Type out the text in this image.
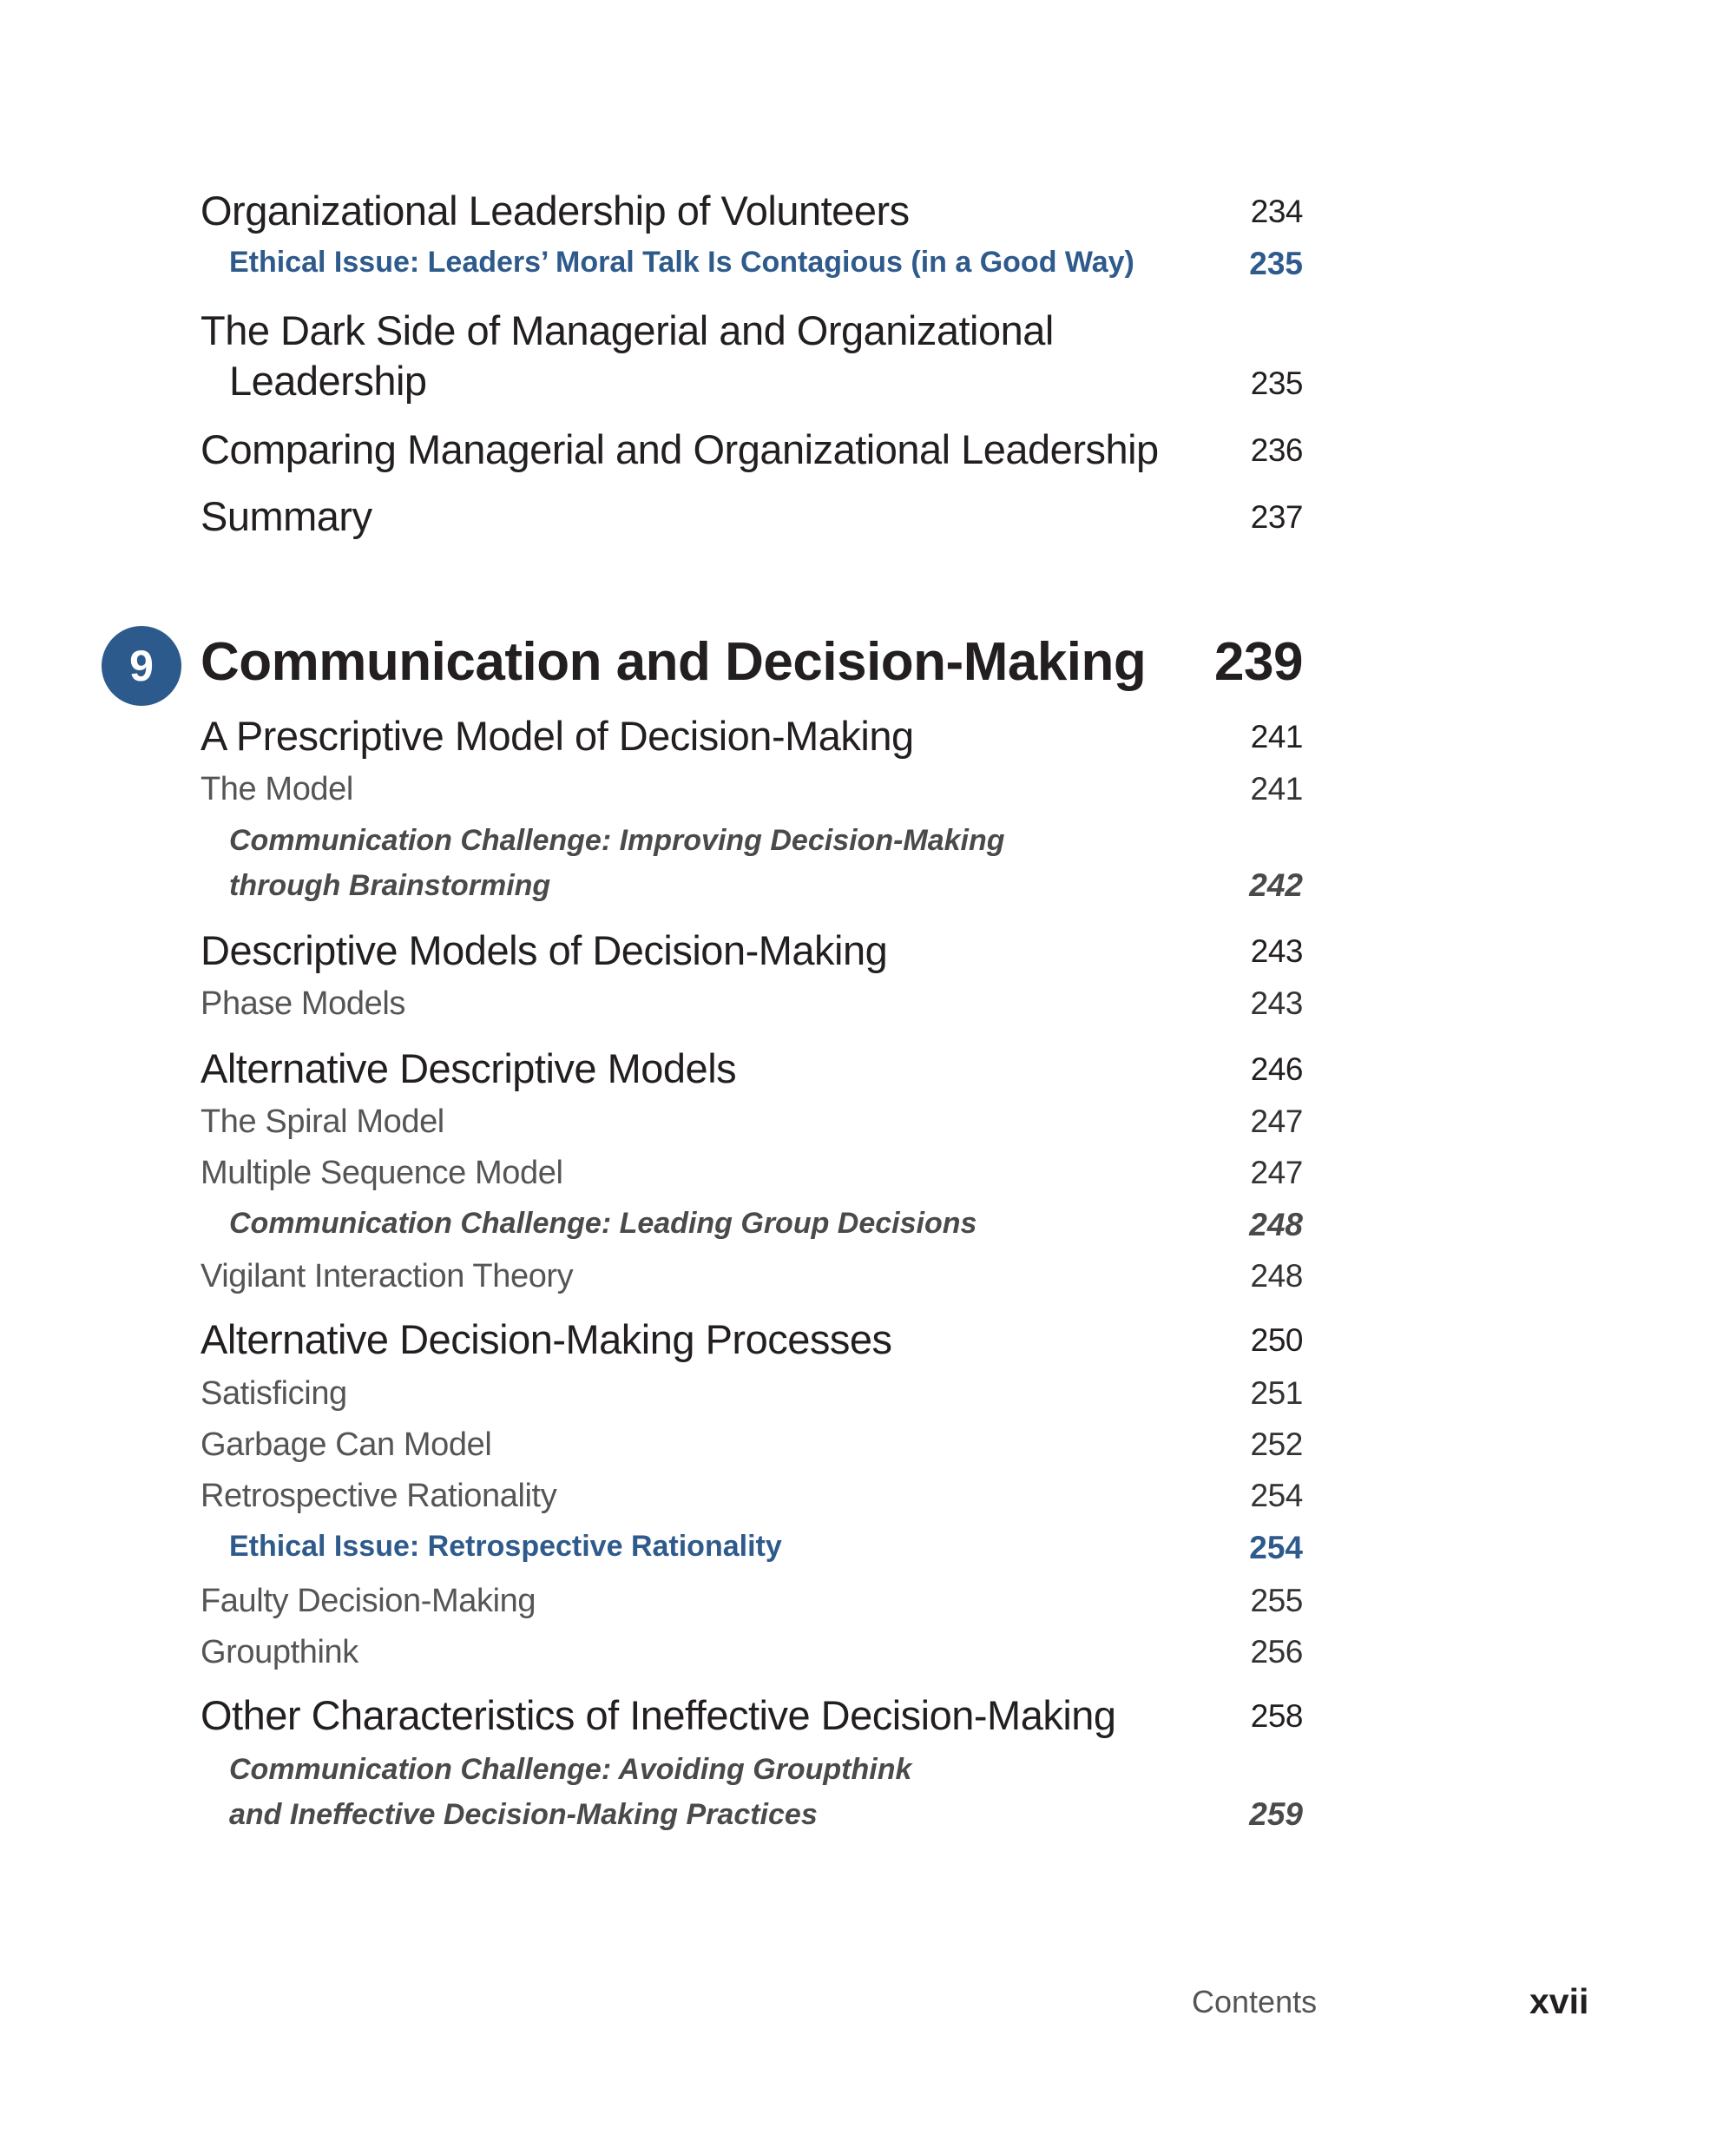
Organizational Leadership of Volunteers	234
Ethical Issue: Leaders’ Moral Talk Is Contagious (in a Good Way)	235
The Dark Side of Managerial and Organizational
Leadership	235
Comparing Managerial and Organizational Leadership	236
Summary	237
9 Communication and Decision-Making 239
A Prescriptive Model of Decision-Making	241
The Model	241
Communication Challenge: Improving Decision-Making
through Brainstorming	242
Descriptive Models of Decision-Making	243
Phase Models	243
Alternative Descriptive Models	246
The Spiral Model	247
Multiple Sequence Model	247
Communication Challenge: Leading Group Decisions	248
Vigilant Interaction Theory	248
Alternative Decision-Making Processes	250
Satisficing	251
Garbage Can Model	252
Retrospective Rationality	254
Ethical Issue: Retrospective Rationality	254
Faulty Decision-Making	255
Groupthink	256
Other Characteristics of Ineffective Decision-Making	258
Communication Challenge: Avoiding Groupthink
and Ineffective Decision-Making Practices	259
Contents	xvii
